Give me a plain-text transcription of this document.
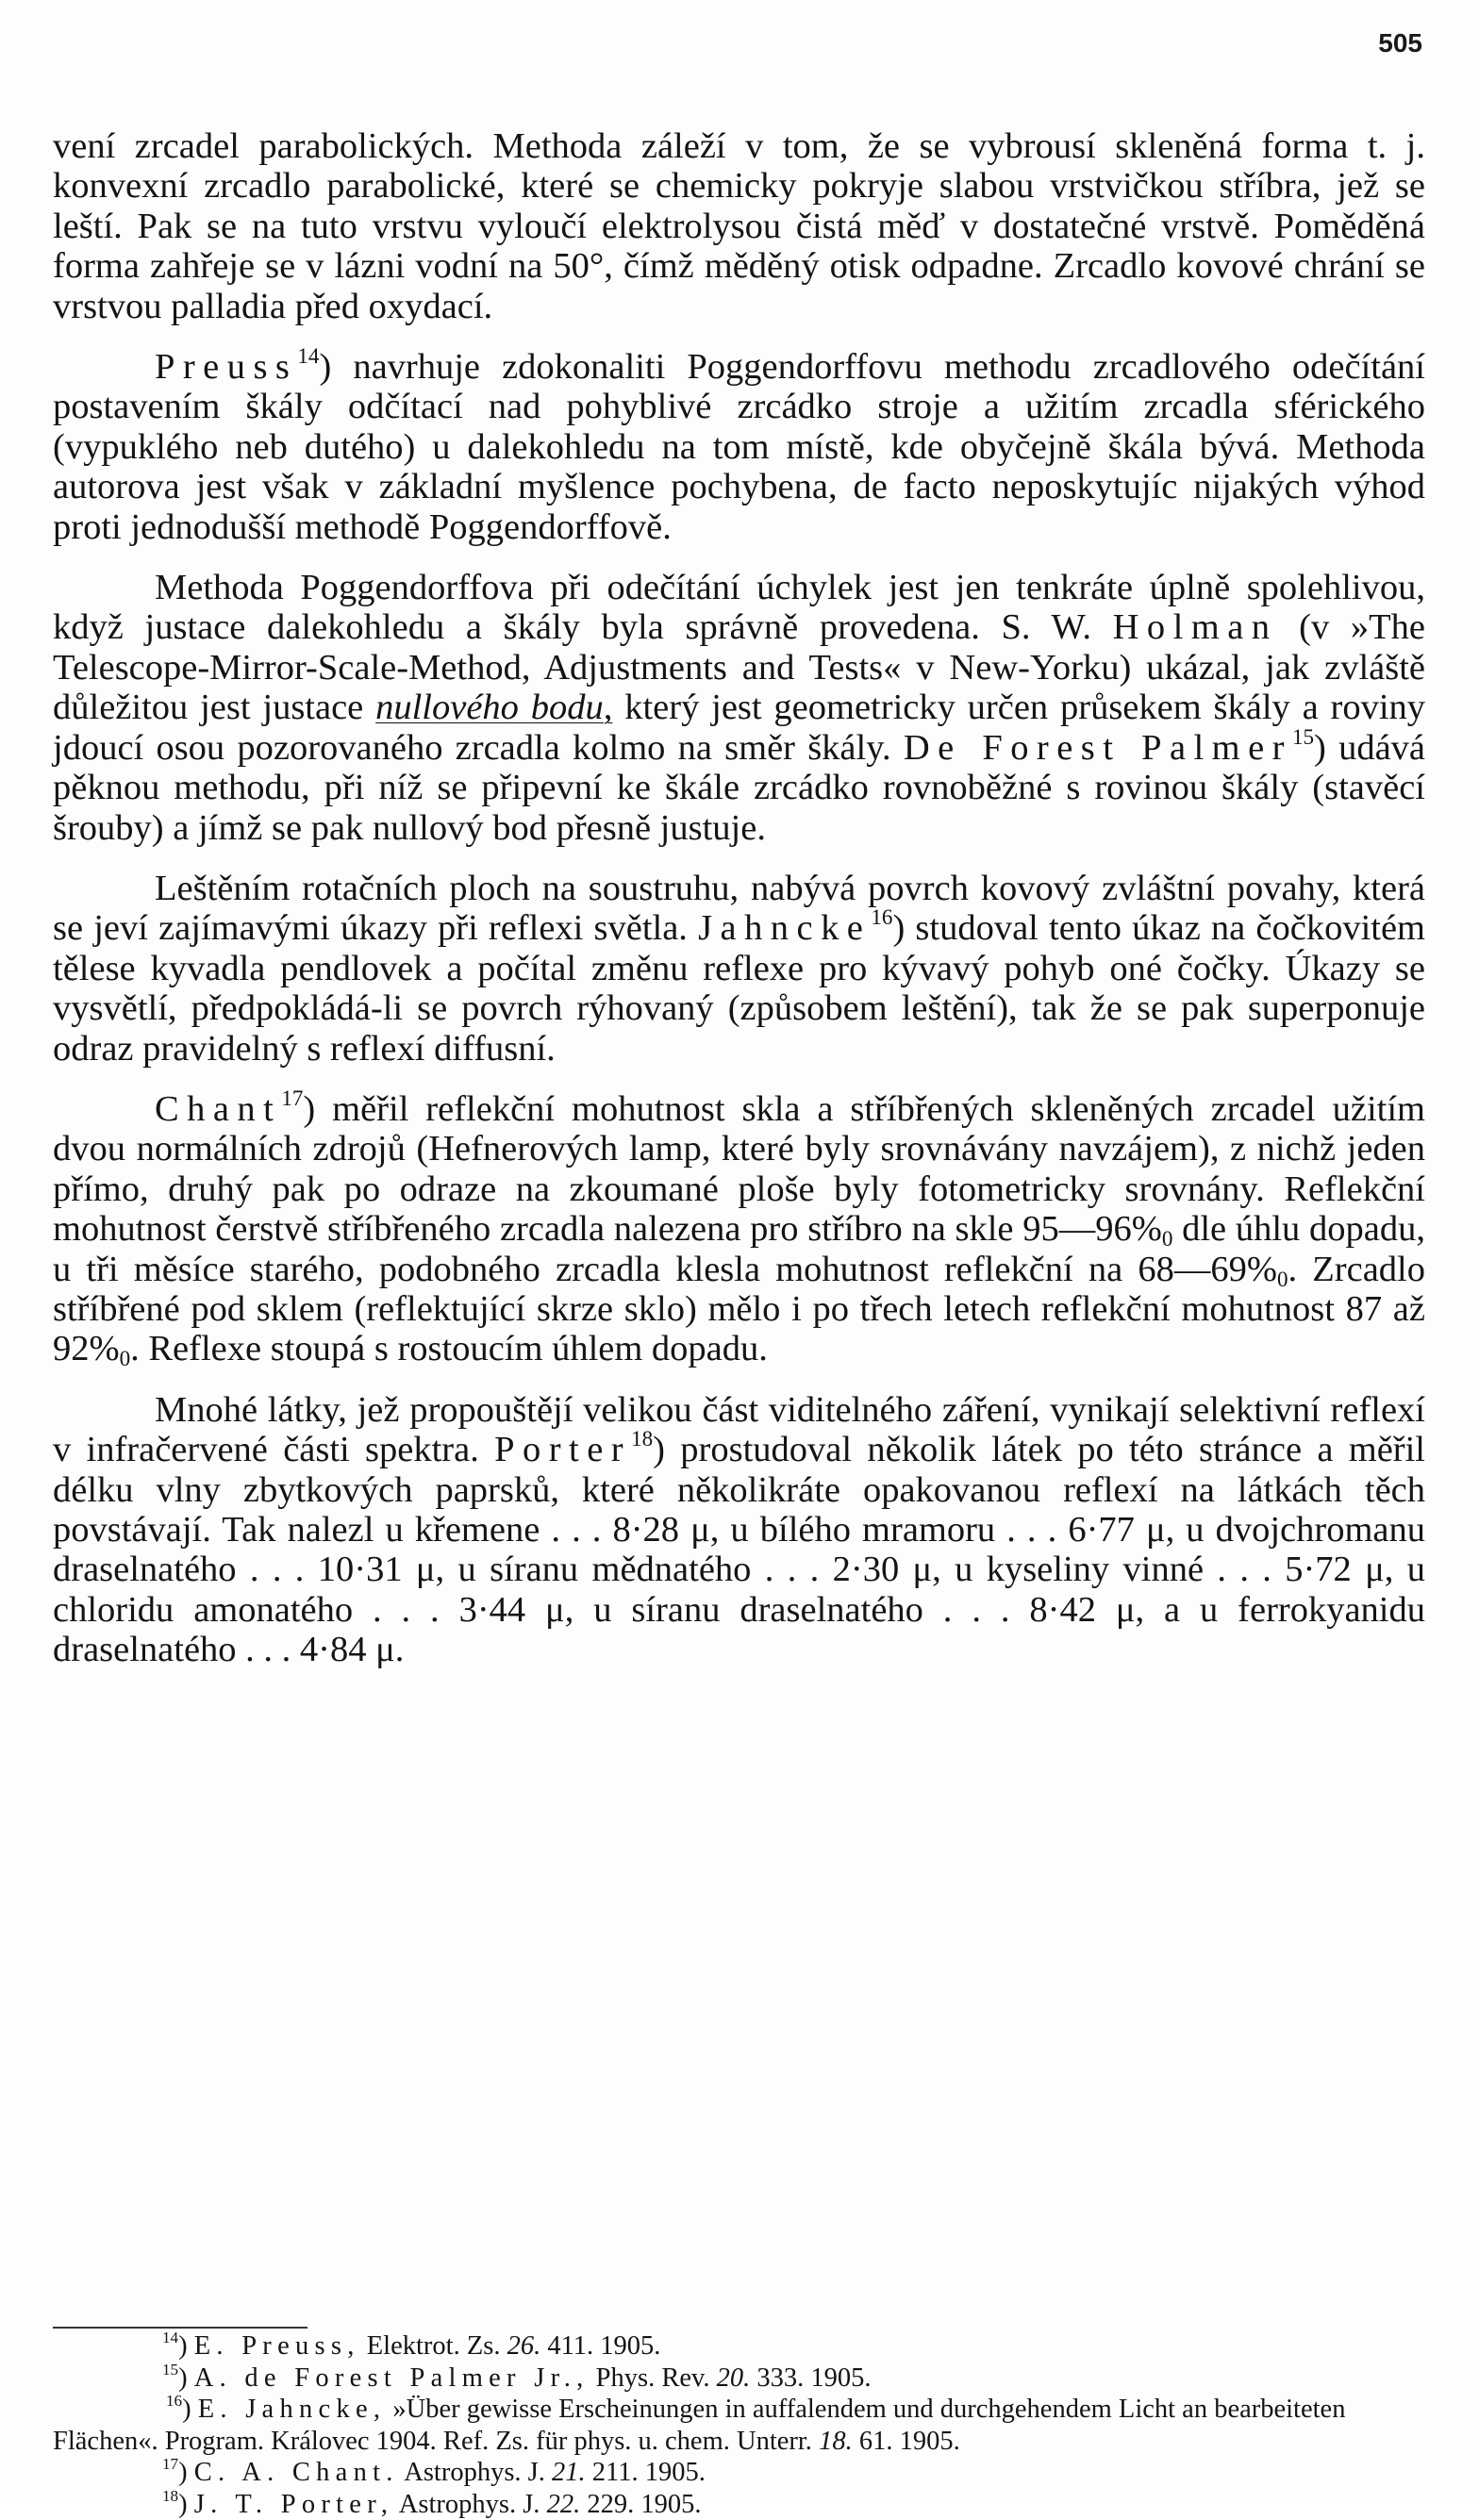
505

vení zrcadel parabolických. Methoda záleží v tom, že se vybrousí skleněná forma t. j. konvexní zrcadlo parabolické, které se chemicky pokryje slabou vrstvičkou stříbra, jež se leští. Pak se na tuto vrstvu vyloučí elektrolysou čistá měď v dostatečné vrstvě. Poměděná forma zahřeje se v lázni vodní na 50°, čímž měděný otisk odpadne. Zrcadlo kovové chrání se vrstvou palladia před oxydací.

Preuss$^{14}$) navrhuje zdokonaliti Poggendorffovu methodu zrcadlového odečítání postavením škály odčítací nad pohyblivé zrcádko stroje a užitím zrcadla sférického (vypuklého neb dutého) u dalekohledu na tom místě, kde obyčejně škála bývá. Methoda autorova jest však v základní myšlence pochybena, de facto neposkytujíc nijakých výhod proti jednodušší methodě Poggendorffově.

Methoda Poggendorffova při odečítání úchylek jest jen tenkráte úplně spolehlivou, když justace dalekohledu a škály byla správně provedena. S. W. Holman (v »The Telescope-Mirror-Scale-Method, Adjustments and Tests« v New-Yorku) ukázal, jak zvláště důležitou jest justace nullového bodu, který jest geometricky určen průsekem škály a roviny jdoucí osou pozorovaného zrcadla kolmo na směr škály. De Forest Palmer$^{15}$) udává pěknou methodu, při níž se připevní ke škále zrcádko rovnoběžné s rovinou škály (stavěcí šrouby) a jímž se pak nullový bod přesně justuje.

Leštěním rotačních ploch na soustruhu, nabývá povrch kovový zvláštní povahy, která se jeví zajímavými úkazy při reflexi světla. Jahncke$^{16}$) studoval tento úkaz na čočkovitém tělese kyvadla pendlovek a počítal změnu reflexe pro kývavý pohyb oné čočky. Úkazy se vysvětlí, předpokládá-li se povrch rýhovaný (způsobem leštění), tak že se pak superponuje odraz pravidelný s reflexí diffusní.

Chant$^{17}$) měřil reflekční mohutnost skla a stříbřených skleněných zrcadel užitím dvou normálních zdrojů (Hefnerových lamp, které byly srovnávány navzájem), z nichž jeden přímo, druhý pak po odraze na zkoumané ploše byly fotometricky srovnány. Reflekční mohutnost čerstvě stříbřeného zrcadla nalezena pro stříbro na skle $95—96\%_0$ dle úhlu dopadu, u tři měsíce starého, podobného zrcadla klesla mohutnost reflekční na $68—69\%_0$. Zrcadlo stříbřené pod sklem (reflektující skrze sklo) mělo i po třech letech reflekční mohutnost 87 až $92\%_0$. Reflexe stoupá s rostoucím úhlem dopadu.

Mnohé látky, jež propouštějí velikou část viditelného záření, vynikají selektivní reflexí v infračervené části spektra. Porter$^{18}$) prostudoval několik látek po této stránce a měřil délku vlny zbytkových paprsků, které několikráte opakovanou reflexí na látkách těch povstávají. Tak nalezl u křemene . . . 8·28 μ, u bílého mramoru . . . 6·77 μ, u dvojchromanu draselnatého . . . 10·31 μ, u síranu mědnatého . . . 2·30 μ, u kyseliny vinné . . . 5·72 μ, u chloridu amonatého . . . 3·44 μ, u síranu draselnatého . . . 8·42 μ, a u ferrokyanidu draselnatého . . . 4·84 μ.

$^{14}$) E. Preuss, Elektrot. Zs. 26. 411. 1905.
$^{15}$) A. de Forest Palmer Jr., Phys. Rev. 20. 333. 1905.
$^{16}$) E. Jahncke, »Über gewisse Erscheinungen in auffalendem und durchgehendem Licht an bearbeiteten Flächen«. Program. Královec 1904. Ref. Zs. für phys. u. chem. Unterr. 18. 61. 1905.
$^{17}$) C. A. Chant. Astrophys. J. 21. 211. 1905.
$^{18}$) J. T. Porter, Astrophys. J. 22. 229. 1905.
